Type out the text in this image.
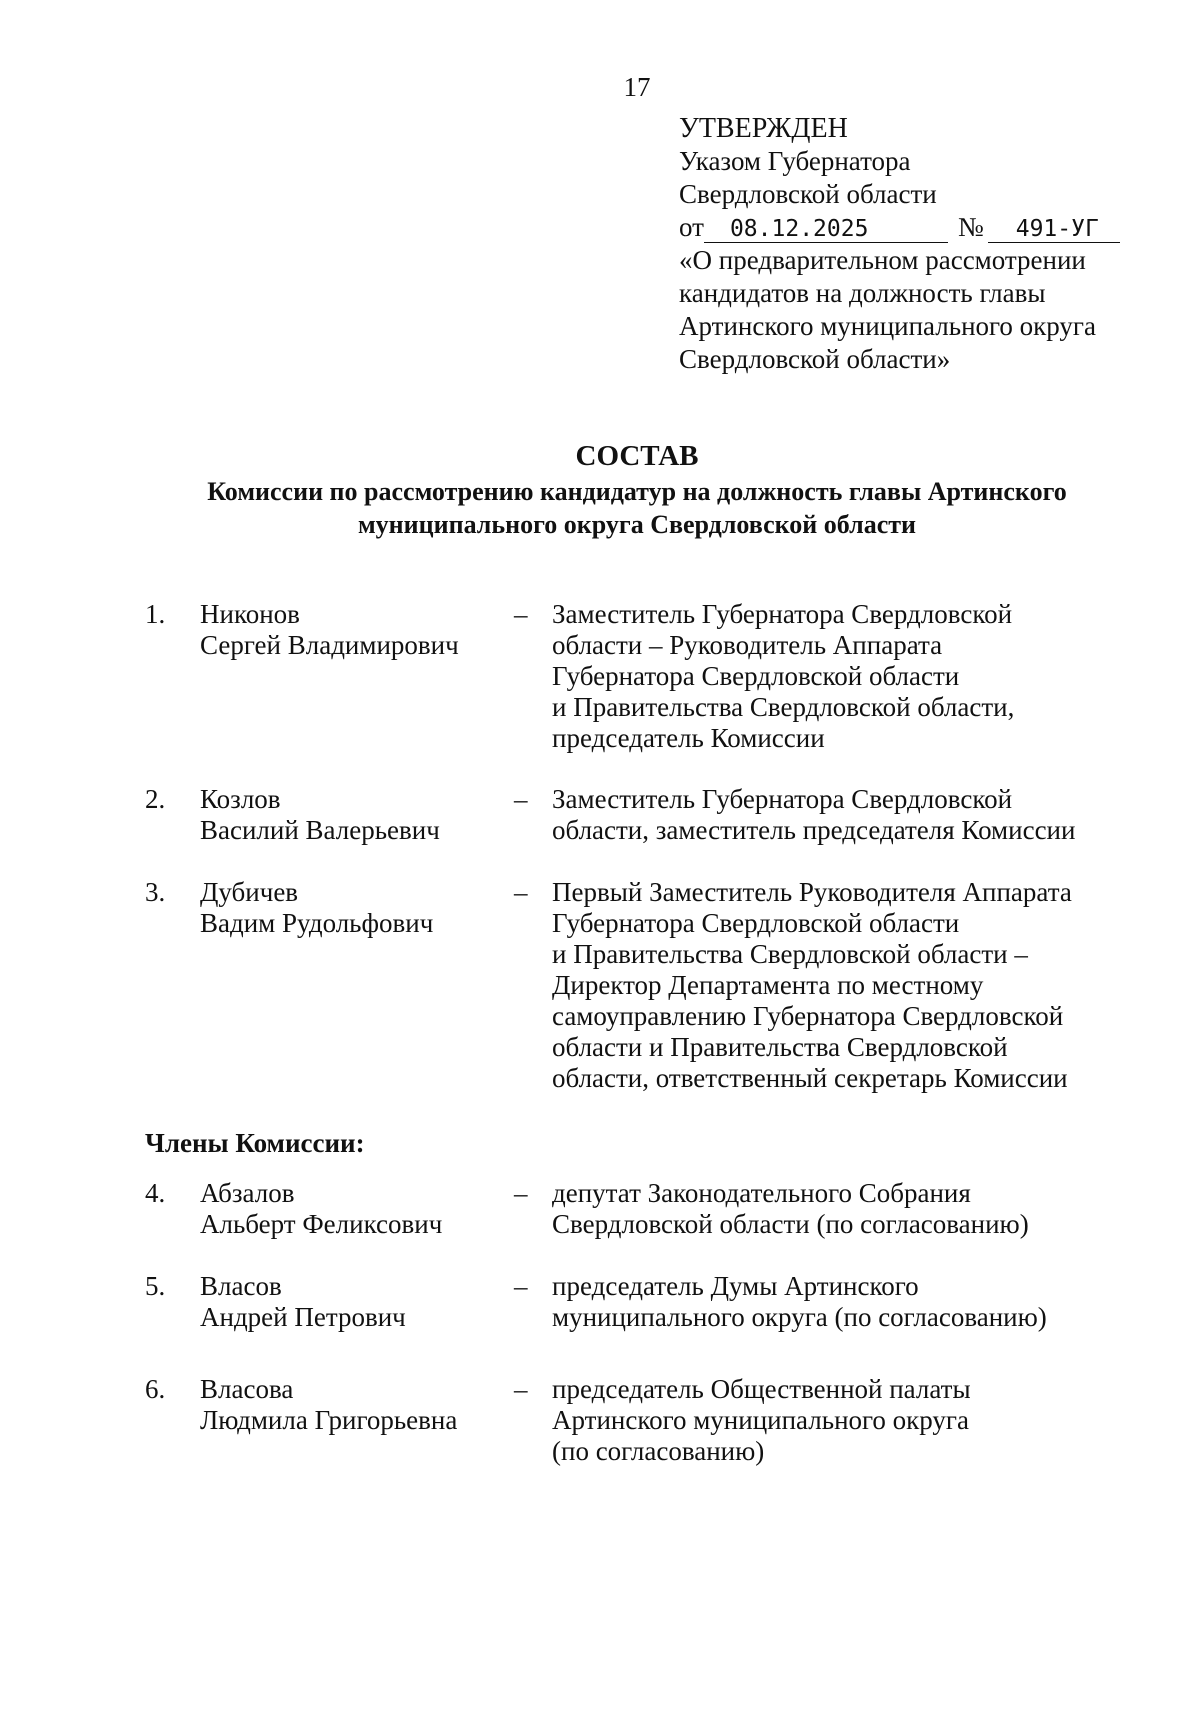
17
УТВЕРЖДЕН
Указом Губернатора
Свердловской области
от 08.12.2025	№ 491-УГ
«О предварительном рассмотрении
кандидатов на должность главы
Артинского муниципального округа
Свердловской области»
СОСТАВ
Комиссии по рассмотрению кандидатур на должность главы Артинского
муниципального округа Свердловской области
1. Никонов
Сергей Владимирович
– Заместитель Губернатора Свердловской
области – Руководитель Аппарата
Губернатора Свердловской области
и Правительства Свердловской области,
председатель Комиссии
2. Козлов
Василий Валерьевич
– Заместитель Губернатора Свердловской
области, заместитель председателя Комиссии
3. Дубичев
Вадим Рудольфович
– Первый Заместитель Руководителя Аппарата
Губернатора Свердловской области
и Правительства Свердловской области –
Директор Департамента по местному
самоуправлению Губернатора Свердловской
области и Правительства Свердловской
области, ответственный секретарь Комиссии
Члены Комиссии:
4. Абзалов
Альберт Феликсович
– депутат Законодательного Собрания
Свердловской области (по согласованию)
5. Власов
Андрей Петрович
– председатель Думы Артинского
муниципального округа (по согласованию)
6. Власова
Людмила Григорьевна
– председатель Общественной палаты
Артинского муниципального округа
(по согласованию)
